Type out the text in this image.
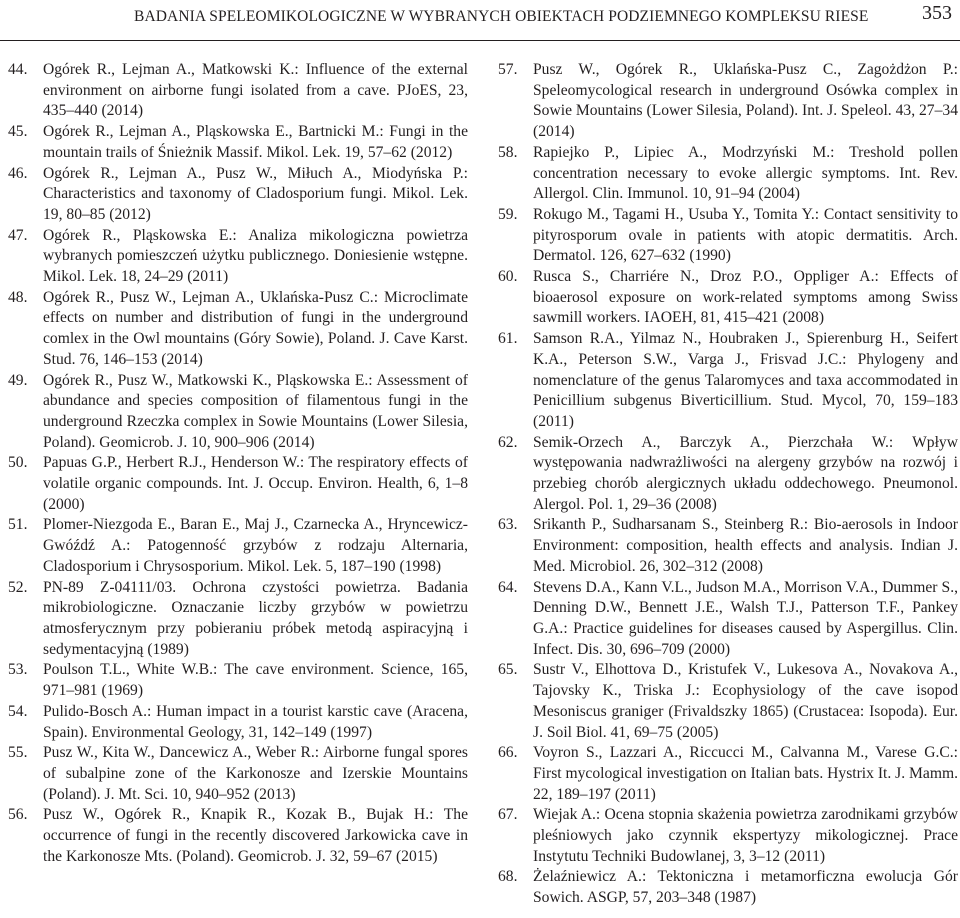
BADANIA SPELEOMIKOLOGICZNE W WYBRANYCH OBIEKTACH PODZIEMNEGO KOMPLEKSU RIESE	353

44. Ogórek R., Lejman A., Matkowski K.: Influence of the external environment on airborne fungi isolated from a cave. PJoES, 23, 435–440 (2014)

45. Ogórek R., Lejman A., Pląskowska E., Bartnicki M.: Fungi in the mountain trails of Śnieżnik Massif. Mikol. Lek. 19, 57–62 (2012)

46. Ogórek R., Lejman A., Pusz W., Miłuch A., Miodyńska P.: Characteristics and taxonomy of Cladosporium fungi. Mikol. Lek. 19, 80–85 (2012)

47. Ogórek R., Pląskowska E.: Analiza mikologiczna powietrza wybranych pomieszczeń użytku publicznego. Doniesienie wstępne. Mikol. Lek. 18, 24–29 (2011)

48. Ogórek R., Pusz W., Lejman A., Uklańska-Pusz C.: Microclimate effects on number and distribution of fungi in the underground comlex in the Owl mountains (Góry Sowie), Poland. J. Cave Karst. Stud. 76, 146–153 (2014)

49. Ogórek R., Pusz W., Matkowski K., Pląskowska E.: Assessment of abundance and species composition of filamentous fungi in the underground Rzeczka complex in Sowie Mountains (Lower Silesia, Poland). Geomicrob. J. 10, 900–906 (2014)

50. Papuas G.P., Herbert R.J., Henderson W.: The respiratory effects of volatile organic compounds. Int. J. Occup. Environ. Health, 6, 1–8 (2000)

51. Plomer-Niezgoda E., Baran E., Maj J., Czarnecka A., Hryncewicz-Gwóźdź A.: Patogenność grzybów z rodzaju Alternaria, Cladosporium i Chrysosporium. Mikol. Lek. 5, 187–190 (1998)

52. PN-89 Z-04111/03. Ochrona czystości powietrza. Badania mikrobiologiczne. Oznaczanie liczby grzybów w powietrzu atmosferycznym przy pobieraniu próbek metodą aspiracyjną i sedymentacyjną (1989)

53. Poulson T.L., White W.B.: The cave environment. Science, 165, 971–981 (1969)

54. Pulido-Bosch A.: Human impact in a tourist karstic cave (Aracena, Spain). Environmental Geology, 31, 142–149 (1997)

55. Pusz W., Kita W., Dancewicz A., Weber R.: Airborne fungal spores of subalpine zone of the Karkonosze and Izerskie Mountains (Poland). J. Mt. Sci. 10, 940–952 (2013)

56. Pusz W., Ogórek R., Knapik R., Kozak B., Bujak H.: The occurrence of fungi in the recently discovered Jarkowicka cave in the Karkonosze Mts. (Poland). Geomicrob. J. 32, 59–67 (2015)

57. Pusz W., Ogórek R., Uklańska-Pusz C., Zagożdżon P.: Speleomycological research in underground Osówka complex in Sowie Mountains (Lower Silesia, Poland). Int. J. Speleol. 43, 27–34 (2014)

58. Rapiejko P., Lipiec A., Modrzyński M.: Treshold pollen concentration necessary to evoke allergic symptoms. Int. Rev. Allergol. Clin. Immunol. 10, 91–94 (2004)

59. Rokugo M., Tagami H., Usuba Y., Tomita Y.: Contact sensitivity to pityrosporum ovale in patients with atopic dermatitis. Arch. Dermatol. 126, 627–632 (1990)

60. Rusca S., Charriére N., Droz P.O., Oppliger A.: Effects of bioaerosol exposure on work-related symptoms among Swiss sawmill workers. IAOEH, 81, 415–421 (2008)

61. Samson R.A., Yilmaz N., Houbraken J., Spierenburg H., Seifert K.A., Peterson S.W., Varga J., Frisvad J.C.: Phylogeny and nomenclature of the genus Talaromyces and taxa accommodated in Penicillium subgenus Biverticillium. Stud. Mycol, 70, 159–183 (2011)

62. Semik-Orzech A., Barczyk A., Pierzchała W.: Wpływ występowania nadwrażliwości na alergeny grzybów na rozwój i przebieg chorób alergicznych układu oddechowego. Pneumonol. Alergol. Pol. 1, 29–36 (2008)

63. Srikanth P., Sudharsanam S., Steinberg R.: Bio-aerosols in Indoor Environment: composition, health effects and analysis. Indian J. Med. Microbiol. 26, 302–312 (2008)

64. Stevens D.A., Kann V.L., Judson M.A., Morrison V.A., Dummer S., Denning D.W., Bennett J.E., Walsh T.J., Patterson T.F., Pankey G.A.: Practice guidelines for diseases caused by Aspergillus. Clin. Infect. Dis. 30, 696–709 (2000)

65. Sustr V., Elhottova D., Kristufek V., Lukesova A., Novakova A., Tajovsky K., Triska J.: Ecophysiology of the cave isopod Mesoniscus graniger (Frivaldszky 1865) (Crustacea: Isopoda). Eur. J. Soil Biol. 41, 69–75 (2005)

66. Voyron S., Lazzari A., Riccucci M., Calvanna M., Varese G.C.: First mycological investigation on Italian bats. Hystrix It. J. Mamm. 22, 189–197 (2011)

67. Wiejak A.: Ocena stopnia skażenia powietrza zarodnikami grzybów pleśniowych jako czynnik ekspertyzy mikologicznej. Prace Instytutu Techniki Budowlanej, 3, 3–12 (2011)

68. Żelaźniewicz A.: Tektoniczna i metamorficzna ewolucja Gór Sowich. ASGP, 57, 203–348 (1987)
